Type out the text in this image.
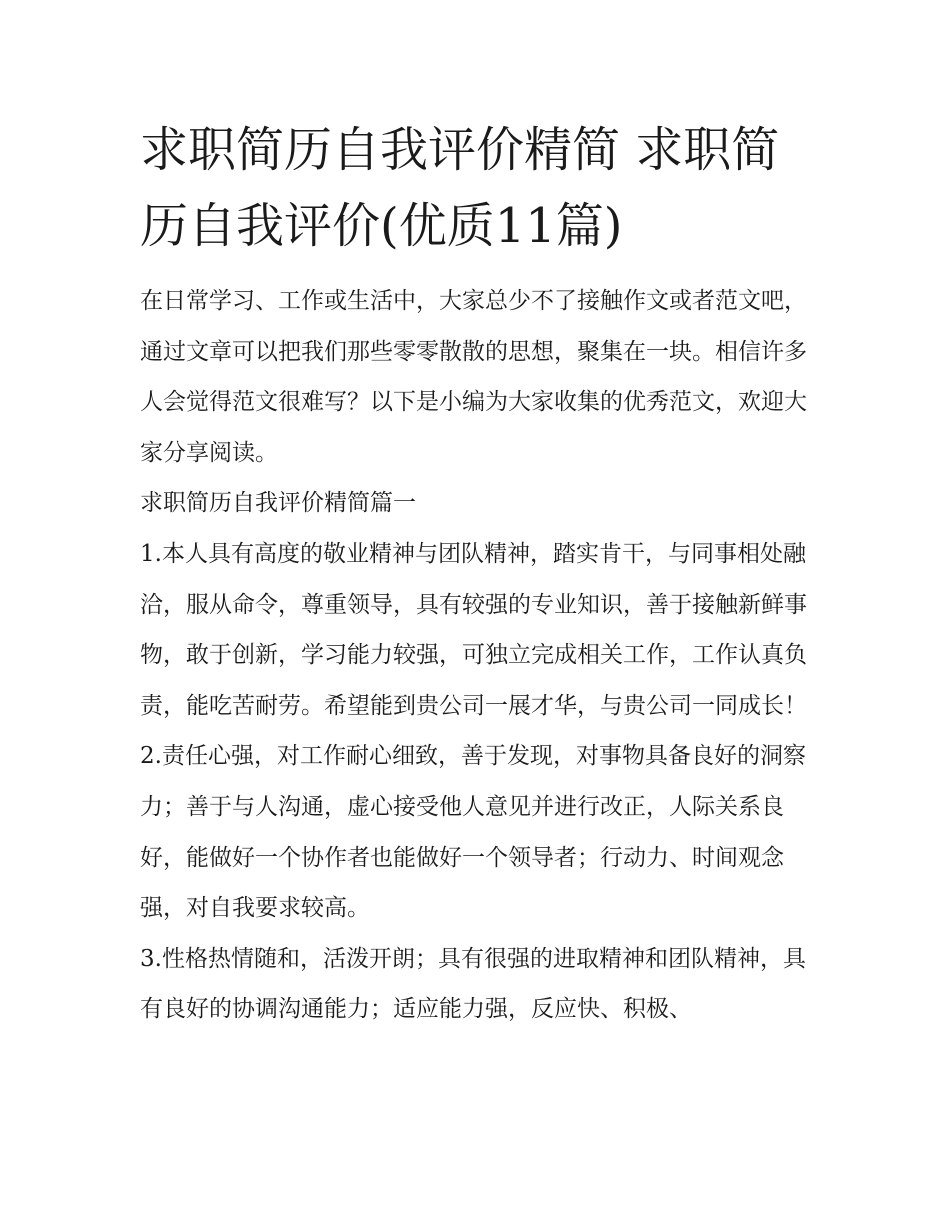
求职简历自我评价精简 求职简历自我评价(优质11篇)

在日常学习、工作或生活中，大家总少不了接触作文或者范文吧，通过文章可以把我们那些零零散散的思想，聚集在一块。相信许多人会觉得范文很难写？以下是小编为大家收集的优秀范文，欢迎大家分享阅读。

求职简历自我评价精简篇一

1.本人具有高度的敬业精神与团队精神，踏实肯干，与同事相处融洽，服从命令，尊重领导，具有较强的专业知识，善于接触新鲜事物，敢于创新，学习能力较强，可独立完成相关工作，工作认真负责，能吃苦耐劳。希望能到贵公司一展才华，与贵公司一同成长！

2.责任心强，对工作耐心细致，善于发现，对事物具备良好的洞察力；善于与人沟通，虚心接受他人意见并进行改正，人际关系良好，能做好一个协作者也能做好一个领导者；行动力、时间观念强，对自我要求较高。

3.性格热情随和，活泼开朗；具有很强的进取精神和团队精神，具有良好的协调沟通能力；适应能力强，反应快、积极、
